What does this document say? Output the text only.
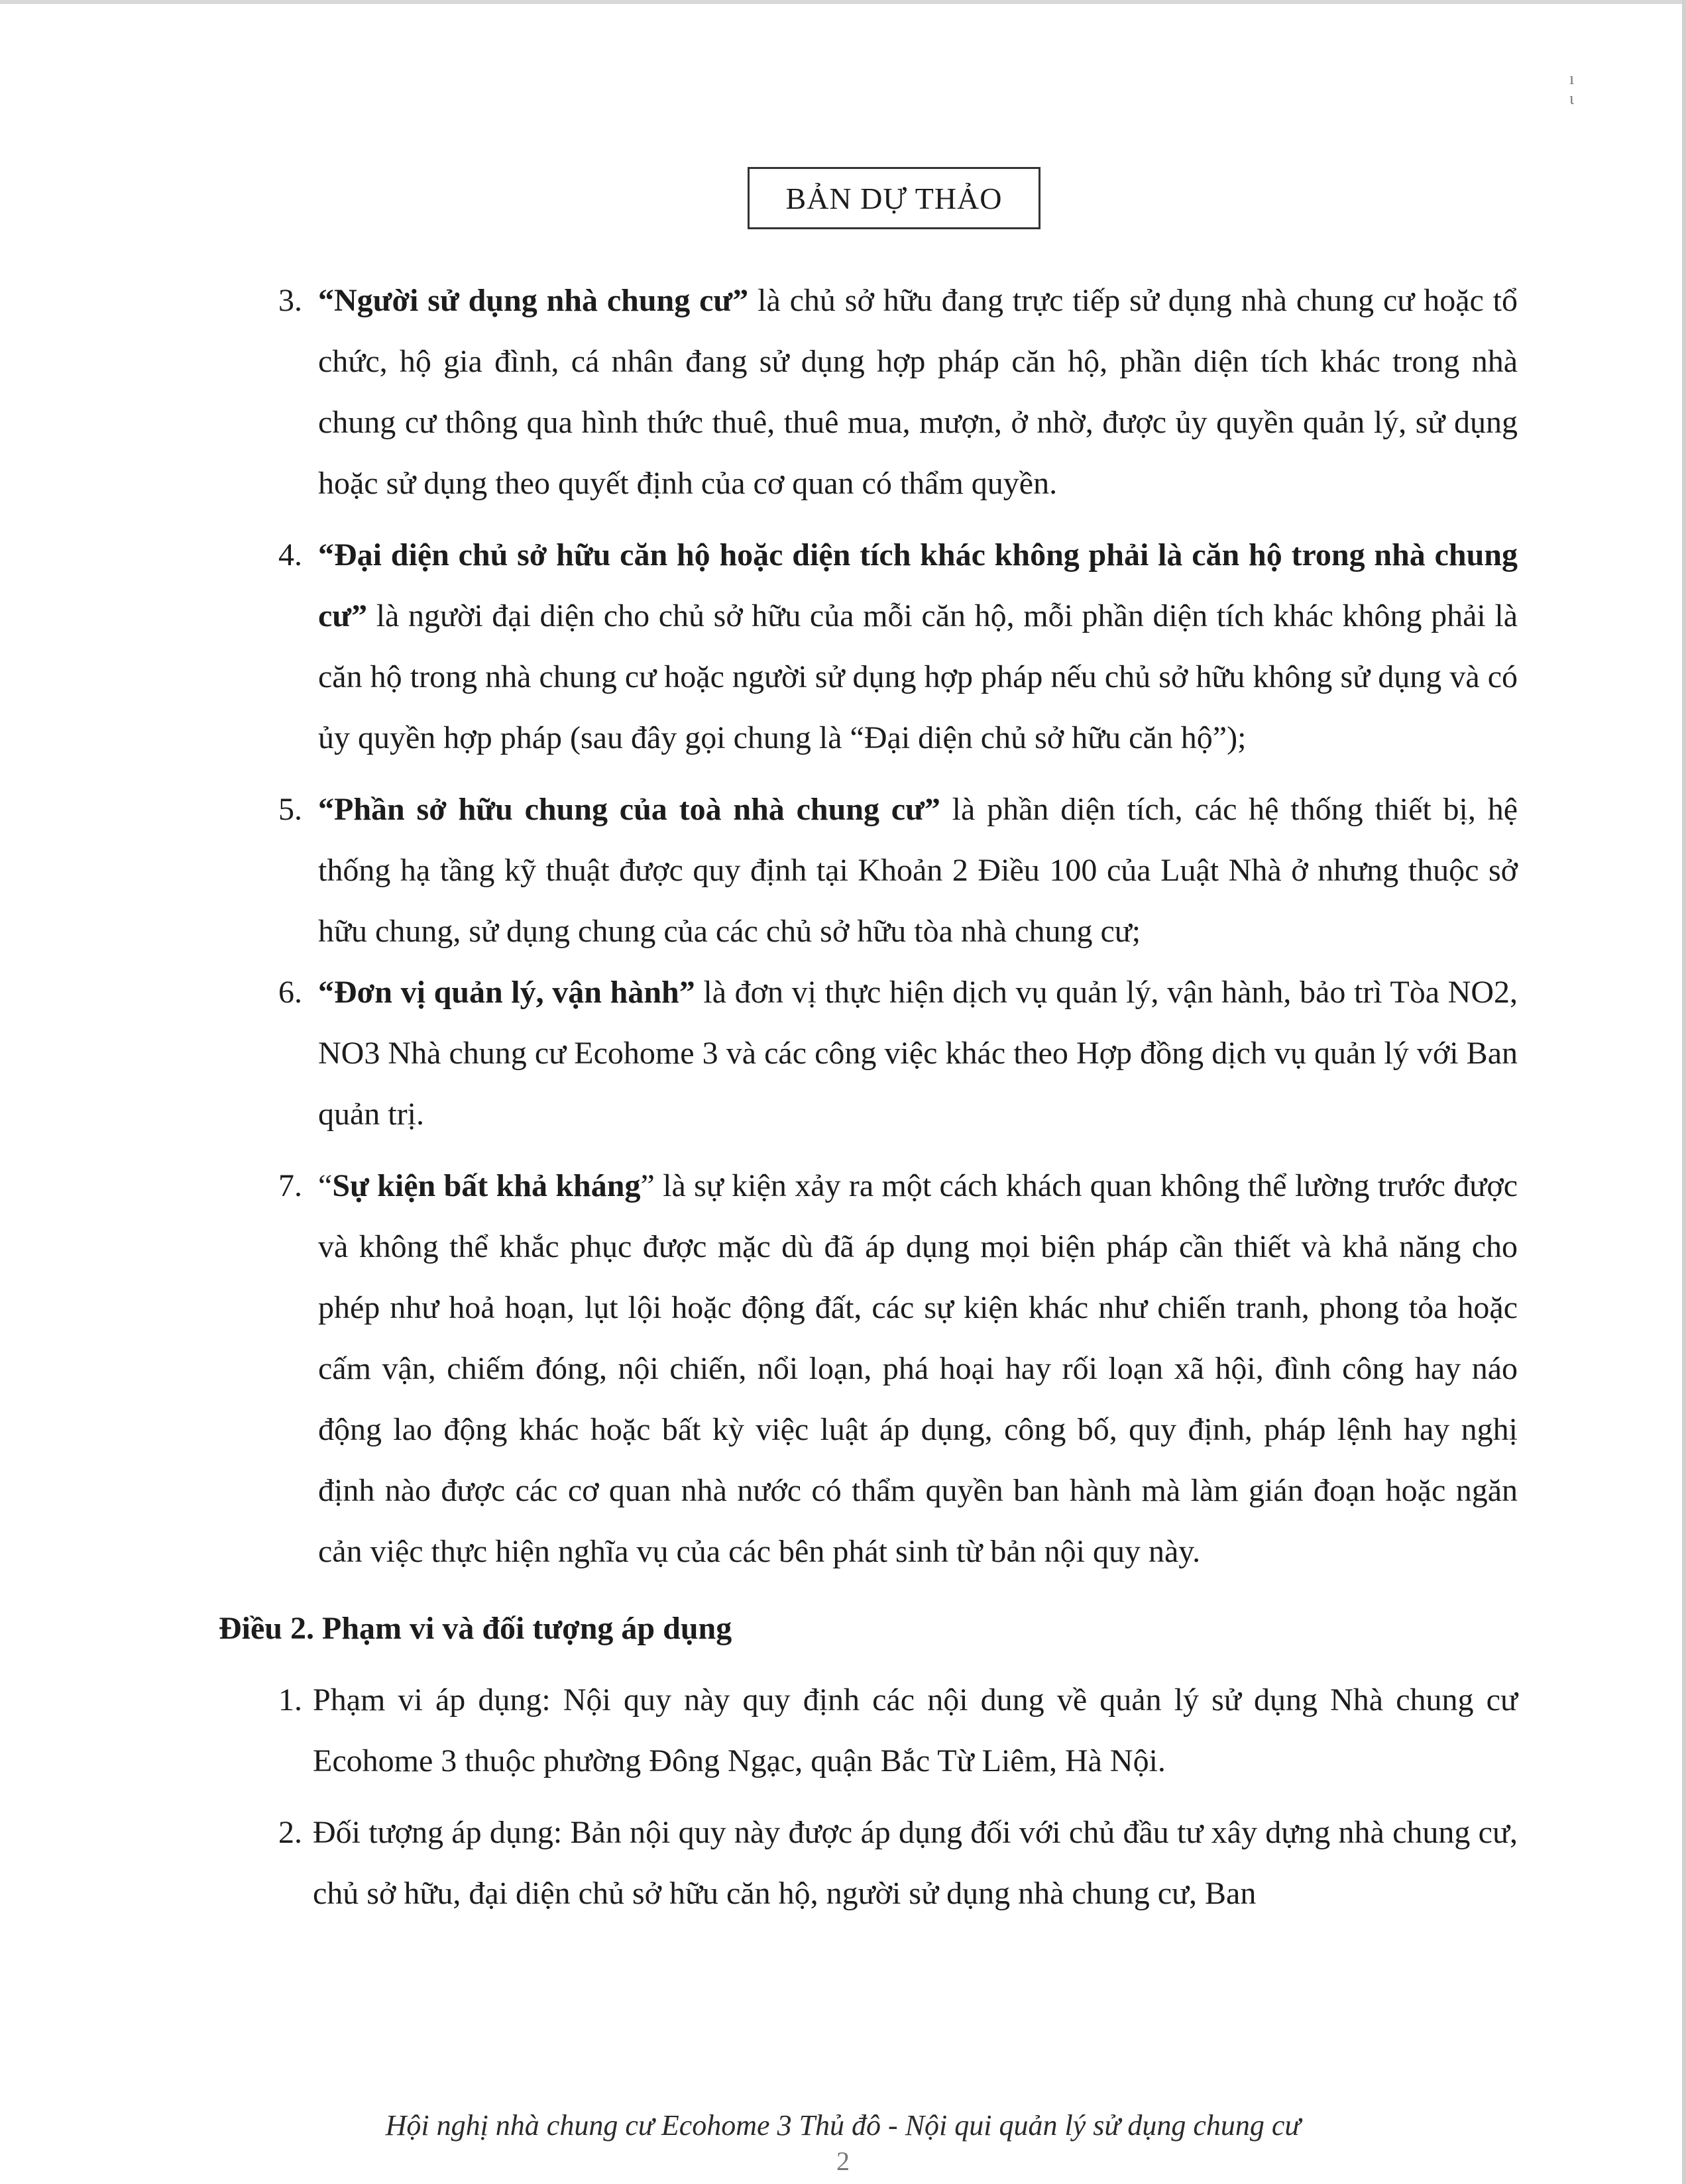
ı ɩ
BẢN DỰ THẢO
3. “Người sử dụng nhà chung cư” là chủ sở hữu đang trực tiếp sử dụng nhà chung cư hoặc tổ chức, hộ gia đình, cá nhân đang sử dụng hợp pháp căn hộ, phần diện tích khác trong nhà chung cư thông qua hình thức thuê, thuê mua, mượn, ở nhờ, được ủy quyền quản lý, sử dụng hoặc sử dụng theo quyết định của cơ quan có thẩm quyền.
4. “Đại diện chủ sở hữu căn hộ hoặc diện tích khác không phải là căn hộ trong nhà chung cư” là người đại diện cho chủ sở hữu của mỗi căn hộ, mỗi phần diện tích khác không phải là căn hộ trong nhà chung cư hoặc người sử dụng hợp pháp nếu chủ sở hữu không sử dụng và có ủy quyền hợp pháp (sau đây gọi chung là “Đại diện chủ sở hữu căn hộ”);
5. “Phần sở hữu chung của toà nhà chung cư” là phần diện tích, các hệ thống thiết bị, hệ thống hạ tầng kỹ thuật được quy định tại Khoản 2 Điều 100 của Luật Nhà ở nhưng thuộc sở hữu chung, sử dụng chung của các chủ sở hữu tòa nhà chung cư;
6. “Đơn vị quản lý, vận hành” là đơn vị thực hiện dịch vụ quản lý, vận hành, bảo trì Tòa NO2, NO3 Nhà chung cư Ecohome 3 và các công việc khác theo Hợp đồng dịch vụ quản lý với Ban quản trị.
7. “Sự kiện bất khả kháng” là sự kiện xảy ra một cách khách quan không thể lường trước được và không thể khắc phục được mặc dù đã áp dụng mọi biện pháp cần thiết và khả năng cho phép như hoả hoạn, lụt lội hoặc động đất, các sự kiện khác như chiến tranh, phong tỏa hoặc cấm vận, chiếm đóng, nội chiến, nổi loạn, phá hoại hay rối loạn xã hội, đình công hay náo động lao động khác hoặc bất kỳ việc luật áp dụng, công bố, quy định, pháp lệnh hay nghị định nào được các cơ quan nhà nước có thẩm quyền ban hành mà làm gián đoạn hoặc ngăn cản việc thực hiện nghĩa vụ của các bên phát sinh từ bản nội quy này.
Điều 2. Phạm vi và đối tượng áp dụng
1. Phạm vi áp dụng: Nội quy này quy định các nội dung về quản lý sử dụng Nhà chung cư Ecohome 3 thuộc phường Đông Ngạc, quận Bắc Từ Liêm, Hà Nội.
2. Đối tượng áp dụng: Bản nội quy này được áp dụng đối với chủ đầu tư xây dựng nhà chung cư, chủ sở hữu, đại diện chủ sở hữu căn hộ, người sử dụng nhà chung cư, Ban
Hội nghị nhà chung cư Ecohome 3 Thủ đô - Nội qui quản lý sử dụng chung cư
2
